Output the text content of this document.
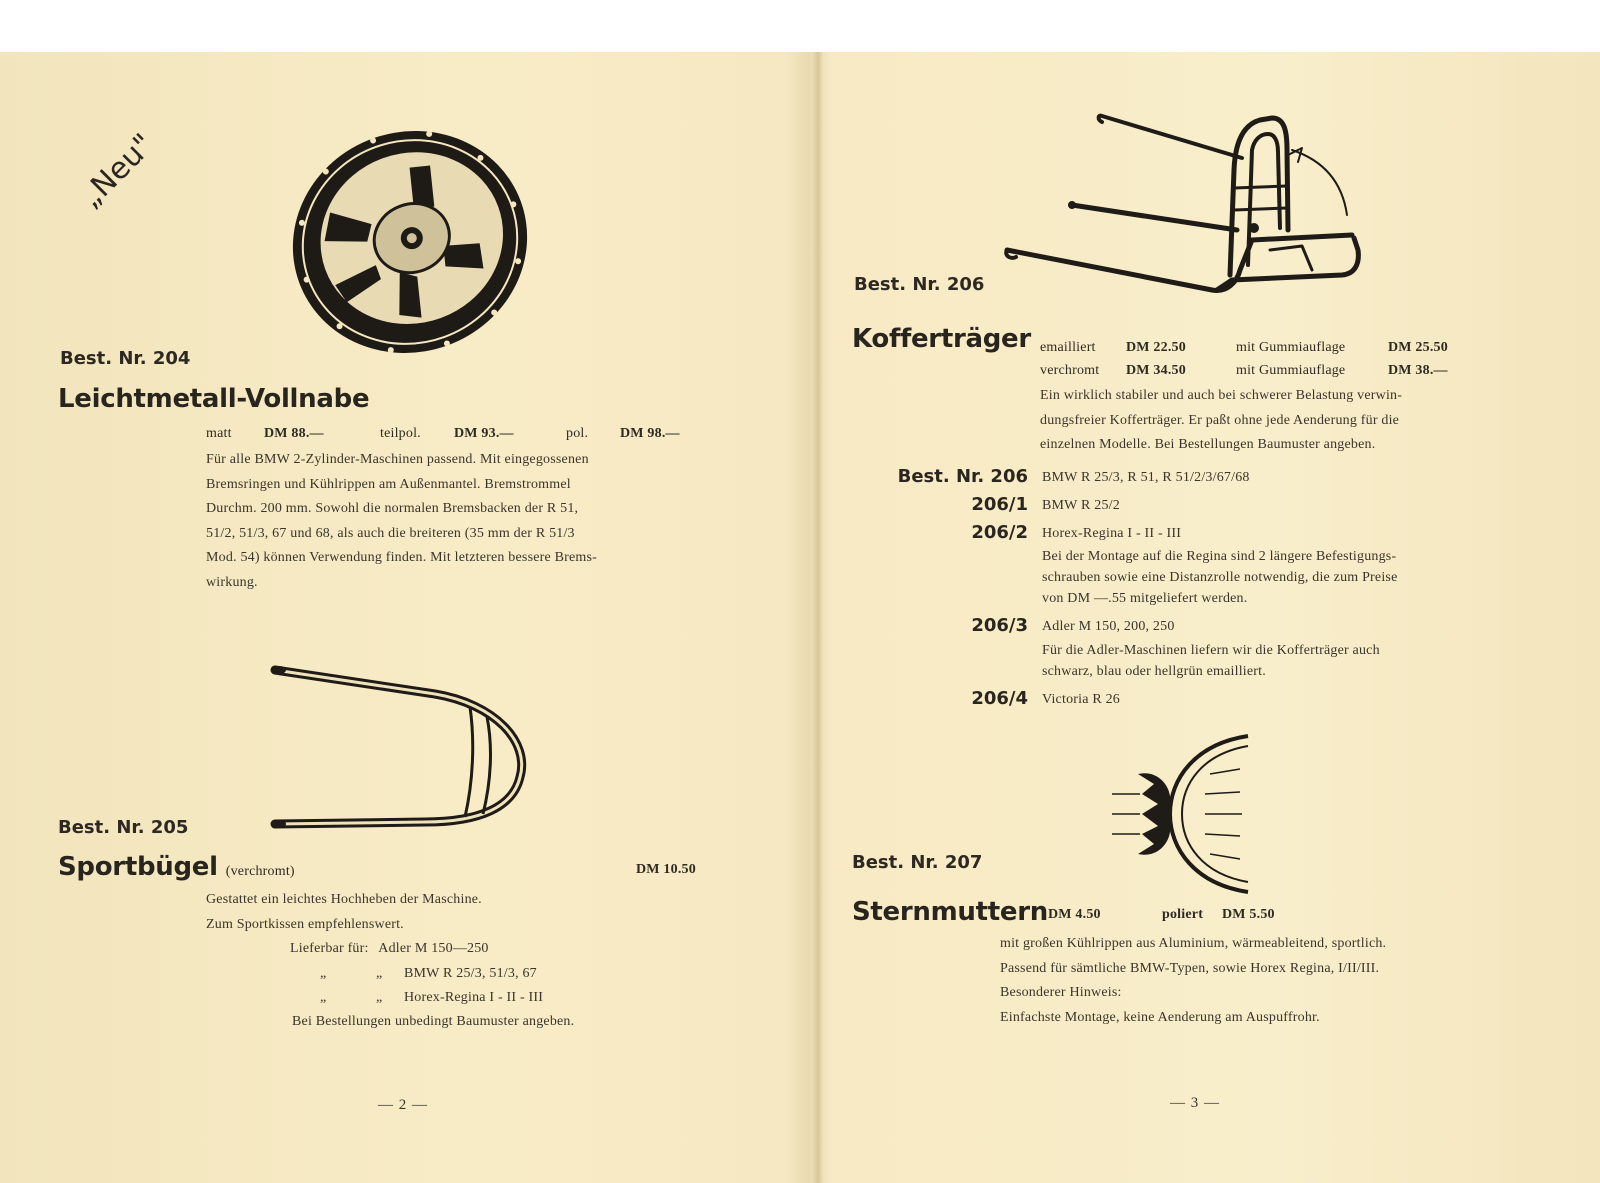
„Neu"
Best. Nr. 204
Leichtmetall-Vollnabe
matt DM 88.—	teilpol. DM 93.—	pol. DM 98.—
Für alle BMW 2-Zylinder-Maschinen passend. Mit eingegossenen
Bremsringen und Kühlrippen am Außenmantel. Bremstrommel
Durchm. 200 mm. Sowohl die normalen Bremsbacken der R 51,
51/2, 51/3, 67 und 68, als auch die breiteren (35 mm der R 51/3
Mod. 54) können Verwendung finden. Mit letzteren bessere Brems-
wirkung.
Best. Nr. 205
Sportbügel (verchromt)	DM 10.50
Gestattet ein leichtes Hochheben der Maschine.
Zum Sportkissen empfehlenswert.
Lieferbar für: Adler M 150—250
„	„ BMW R 25/3, 51/3, 67
„	„ Horex-Regina I - II - III
Bei Bestellungen unbedingt Baumuster angeben.
— 2 —
Best. Nr. 206
Kofferträger emailliert DM 22.50	mit Gummiauflage	DM 25.50
verchromt DM 34.50	mit Gummiauflage	DM 38.—
Ein wirklich stabiler und auch bei schwerer Belastung verwin-
dungsfreier Kofferträger. Er paßt ohne jede Aenderung für die
einzelnen Modelle. Bei Bestellungen Baumuster angeben.
Best. Nr. 206 BMW R 25/3, R 51, R 51/2/3/67/68
206/1 BMW R 25/2
206/2 Horex-Regina I - II - III
Bei der Montage auf die Regina sind 2 längere Befestigungs-
schrauben sowie eine Distanzrolle notwendig, die zum Preise
von DM —.55 mitgeliefert werden.
206/3 Adler M 150, 200, 250
Für die Adler-Maschinen liefern wir die Kofferträger auch
schwarz, blau oder hellgrün emailliert.
206/4 Victoria R 26
Best. Nr. 207
Sternmuttern DM 4.50	poliert DM 5.50
mit großen Kühlrippen aus Aluminium, wärmeableitend, sportlich.
Passend für sämtliche BMW-Typen, sowie Horex Regina, I/II/III.
Besonderer Hinweis:
Einfachste Montage, keine Aenderung am Auspuffrohr.
— 3 —
